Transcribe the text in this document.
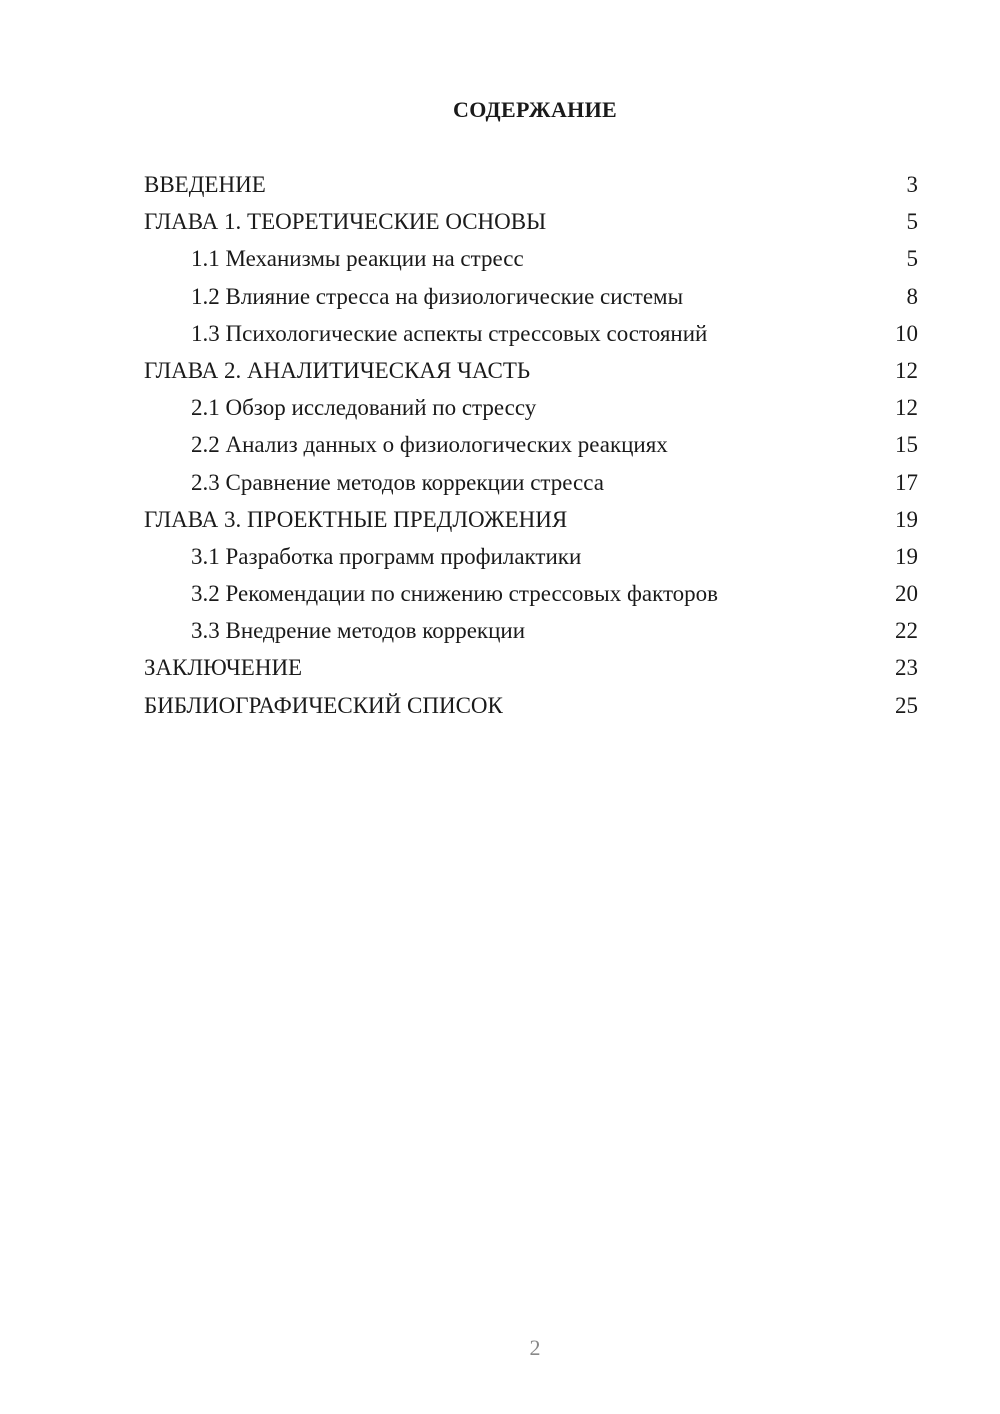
СОДЕРЖАНИЕ
ВВЕДЕНИЕ	3
ГЛАВА 1. ТЕОРЕТИЧЕСКИЕ ОСНОВЫ	5
1.1 Механизмы реакции на стресс	5
1.2 Влияние стресса на физиологические системы	8
1.3 Психологические аспекты стрессовых состояний	10
ГЛАВА 2. АНАЛИТИЧЕСКАЯ ЧАСТЬ	12
2.1 Обзор исследований по стрессу	12
2.2 Анализ данных о физиологических реакциях	15
2.3 Сравнение методов коррекции стресса	17
ГЛАВА 3. ПРОЕКТНЫЕ ПРЕДЛОЖЕНИЯ	19
3.1 Разработка программ профилактики	19
3.2 Рекомендации по снижению стрессовых факторов	20
3.3 Внедрение методов коррекции	22
ЗАКЛЮЧЕНИЕ	23
БИБЛИОГРАФИЧЕСКИЙ СПИСОК	25
2
